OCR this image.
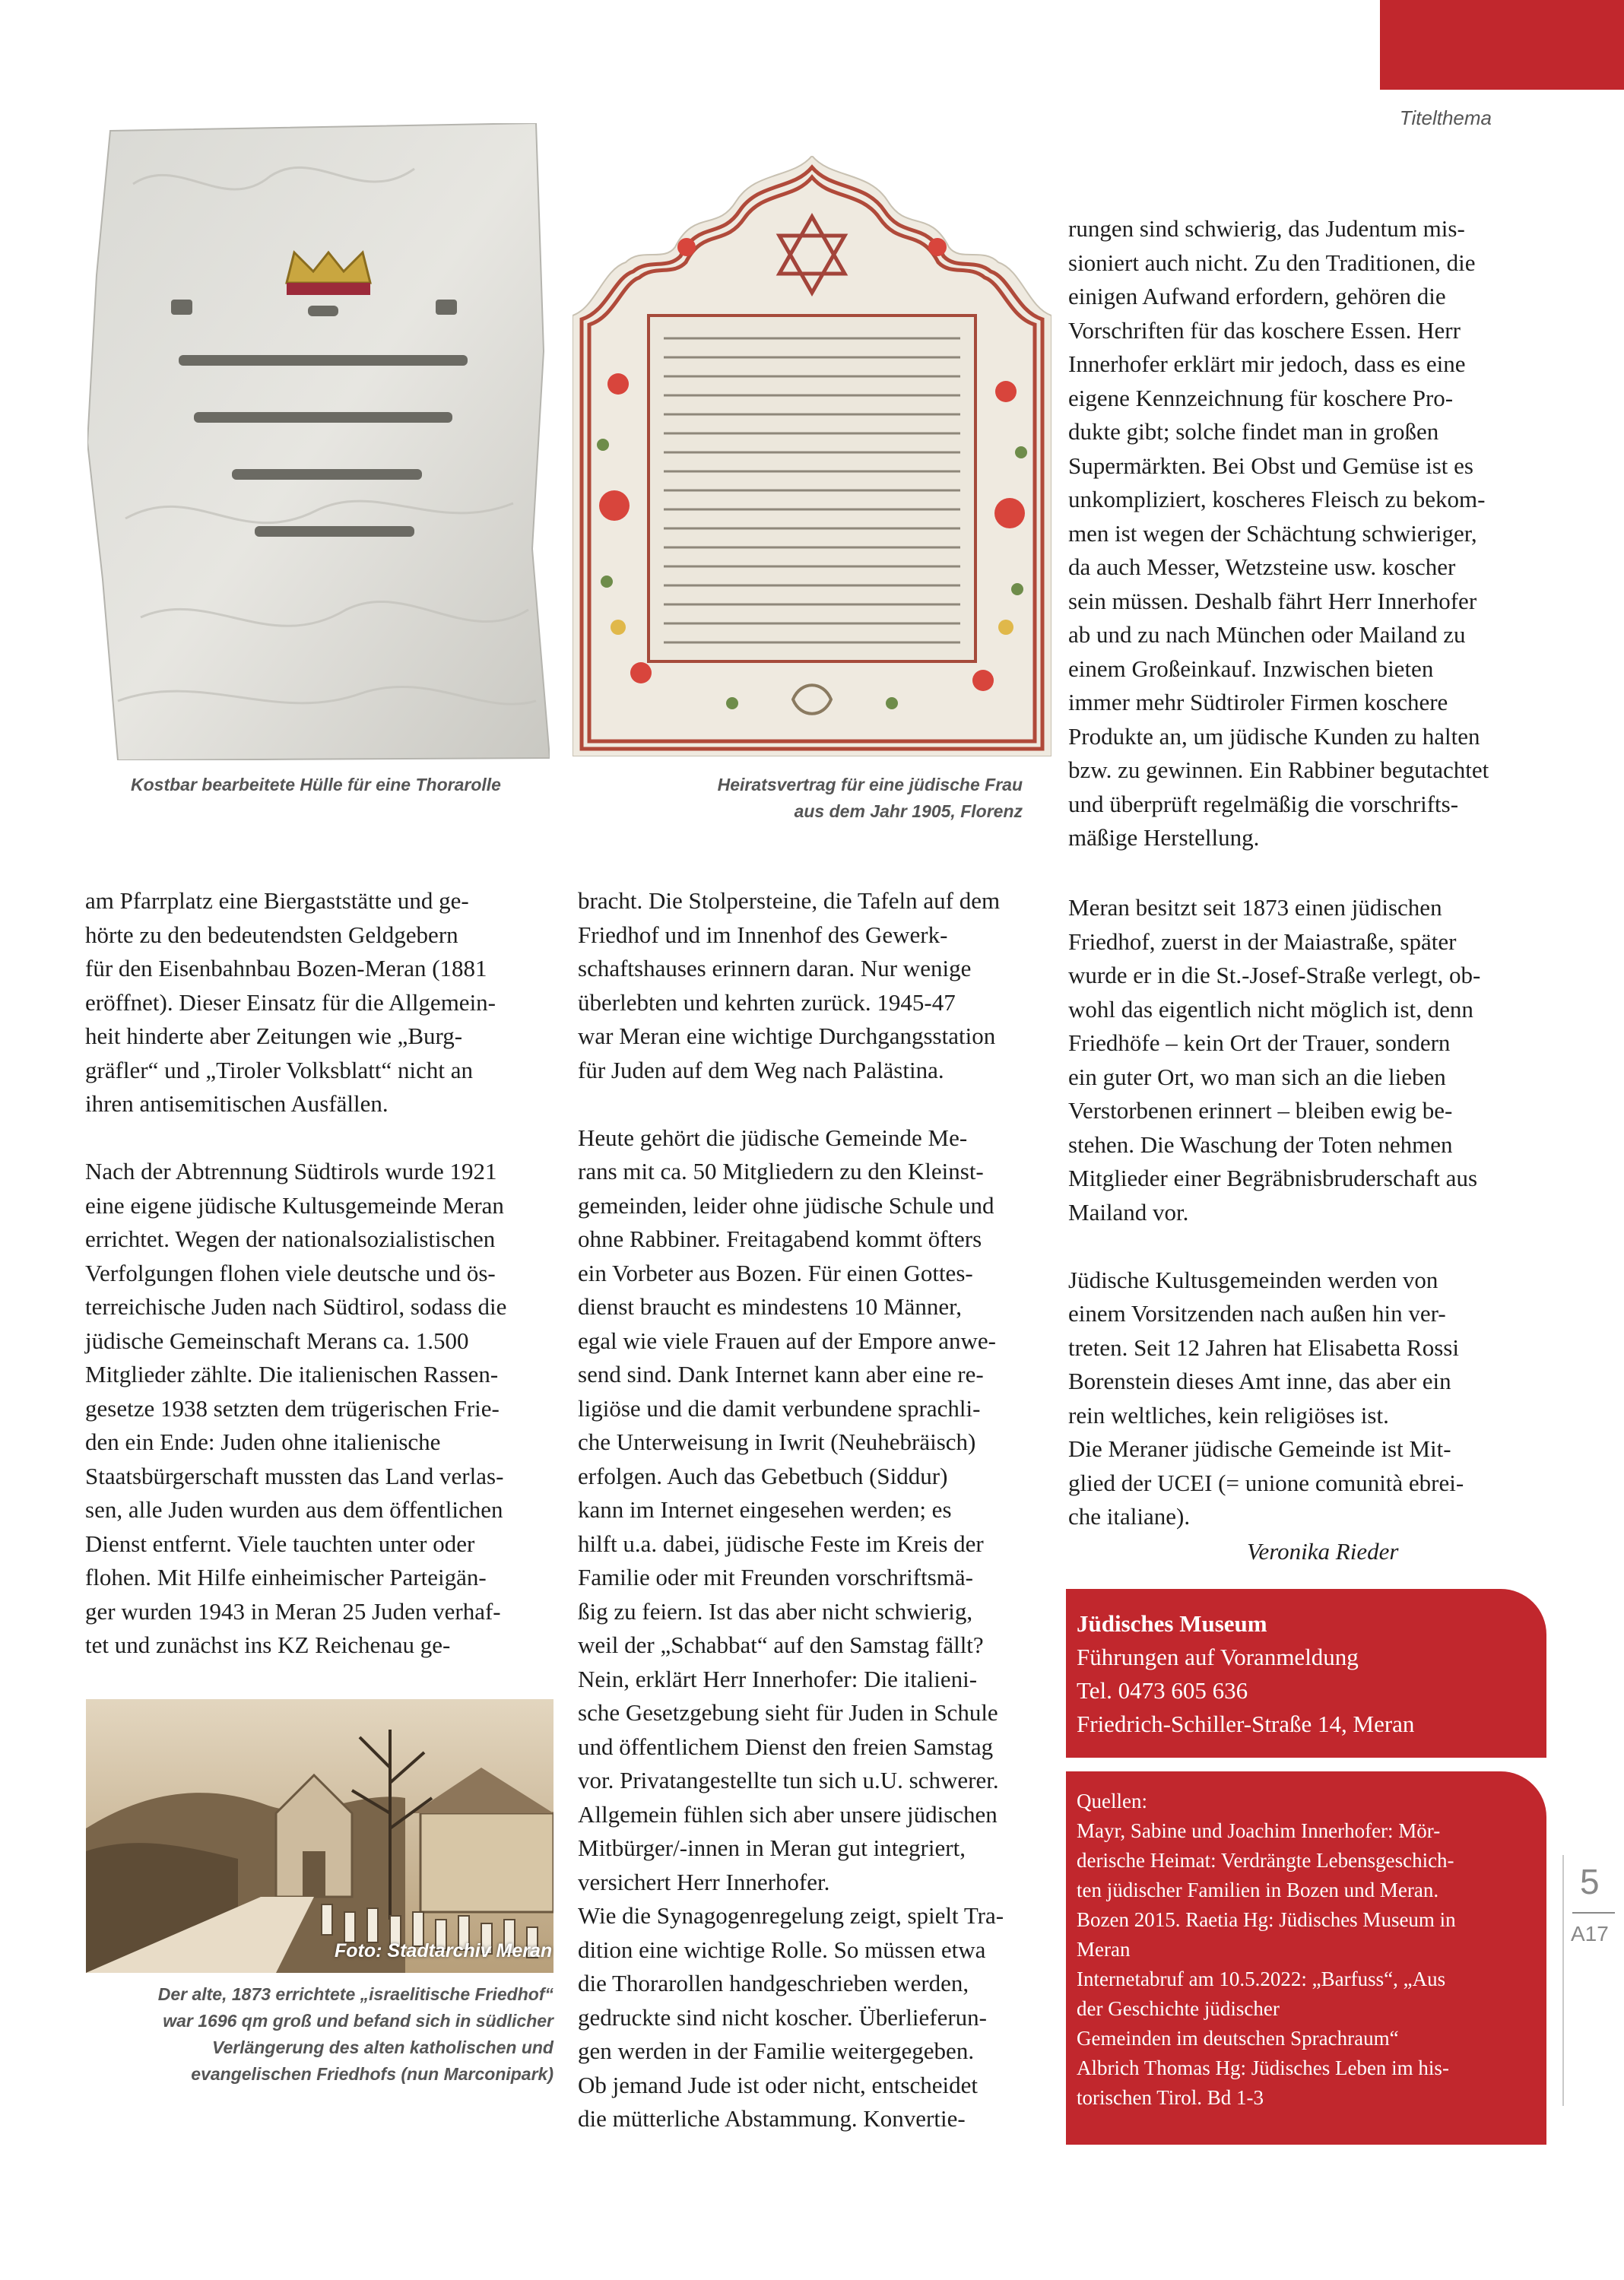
Titelthema

Kostbar bearbeitete Hülle für eine Thorarolle	Heiratsvertrag für eine jüdische Frau
aus dem Jahr 1905, Florenz

rungen sind schwierig, das Judentum mis-
sioniert auch nicht. Zu den Traditionen, die
einigen Aufwand erfordern, gehören die
Vorschriften für das koschere Essen. Herr
Innerhofer erklärt mir jedoch, dass es eine
eigene Kennzeichnung für koschere Pro-
dukte gibt; solche findet man in großen
Supermärkten. Bei Obst und Gemüse ist es
unkompliziert, koscheres Fleisch zu bekom-
men ist wegen der Schächtung schwieriger,
da auch Messer, Wetzsteine usw. koscher
sein müssen. Deshalb fährt Herr Innerhofer
ab und zu nach München oder Mailand zu
einem Großeinkauf. Inzwischen bieten
immer mehr Südtiroler Firmen koschere
Produkte an, um jüdische Kunden zu halten
bzw. zu gewinnen. Ein Rabbiner begutachtet
und überprüft regelmäßig die vorschrifts-
mäßige Herstellung.

am Pfarrplatz eine Biergaststätte und ge-
hörte zu den bedeutendsten Geldgebern
für den Eisenbahnbau Bozen-Meran (1881
eröffnet). Dieser Einsatz für die Allgemein-
heit hinderte aber Zeitungen wie „Burg-
gräfler“ und „Tiroler Volksblatt“ nicht an
ihren antisemitischen Ausfällen.

Nach der Abtrennung Südtirols wurde 1921
eine eigene jüdische Kultusgemeinde Meran
errichtet. Wegen der nationalsozialistischen
Verfolgungen flohen viele deutsche und ös-
terreichische Juden nach Südtirol, sodass die
jüdische Gemeinschaft Merans ca. 1.500
Mitglieder zählte. Die italienischen Rassen-
gesetze 1938 setzten dem trügerischen Frie-
den ein Ende: Juden ohne italienische
Staatsbürgerschaft mussten das Land verlas-
sen, alle Juden wurden aus dem öffentlichen
Dienst entfernt. Viele tauchten unter oder
flohen. Mit Hilfe einheimischer Parteigän-
ger wurden 1943 in Meran 25 Juden verhaf-
tet und zunächst ins KZ Reichenau ge-

bracht. Die Stolpersteine, die Tafeln auf dem
Friedhof und im Innenhof des Gewerk-
schaftshauses erinnern daran. Nur wenige
überlebten und kehrten zurück. 1945-47
war Meran eine wichtige Durchgangsstation
für Juden auf dem Weg nach Palästina.

Heute gehört die jüdische Gemeinde Me-
rans mit ca. 50 Mitgliedern zu den Kleinst-
gemeinden, leider ohne jüdische Schule und
ohne Rabbiner. Freitagabend kommt öfters
ein Vorbeter aus Bozen. Für einen Gottes-
dienst braucht es mindestens 10 Männer,
egal wie viele Frauen auf der Empore anwe-
send sind. Dank Internet kann aber eine re-
ligiöse und die damit verbundene sprachli-
che Unterweisung in Iwrit (Neuhebräisch)
erfolgen. Auch das Gebetbuch (Siddur)
kann im Internet eingesehen werden; es
hilft u.a. dabei, jüdische Feste im Kreis der
Familie oder mit Freunden vorschriftsmä-
ßig zu feiern. Ist das aber nicht schwierig,
weil der „Schabbat“ auf den Samstag fällt?
Nein, erklärt Herr Innerhofer: Die italieni-
sche Gesetzgebung sieht für Juden in Schule
und öffentlichem Dienst den freien Samstag
vor. Privatangestellte tun sich u.U. schwerer.
Allgemein fühlen sich aber unsere jüdischen
Mitbürger/-innen in Meran gut integriert,
versichert Herr Innerhofer.
Wie die Synagogenregelung zeigt, spielt Tra-
dition eine wichtige Rolle. So müssen etwa
die Thorarollen handgeschrieben werden,
gedruckte sind nicht koscher. Überlieferun-
gen werden in der Familie weitergegeben.
Ob jemand Jude ist oder nicht, entscheidet
die mütterliche Abstammung. Konvertie-

Meran besitzt seit 1873 einen jüdischen
Friedhof, zuerst in der Maiastraße, später
wurde er in die St.-Josef-Straße verlegt, ob-
wohl das eigentlich nicht möglich ist, denn
Friedhöfe – kein Ort der Trauer, sondern
ein guter Ort, wo man sich an die lieben
Verstorbenen erinnert – bleiben ewig be-
stehen. Die Waschung der Toten nehmen
Mitglieder einer Begräbnisbruderschaft aus
Mailand vor.

Jüdische Kultusgemeinden werden von
einem Vorsitzenden nach außen hin ver-
treten. Seit 12 Jahren hat Elisabetta Rossi
Borenstein dieses Amt inne, das aber ein
rein weltliches, kein religiöses ist.
Die Meraner jüdische Gemeinde ist Mit-
glied der UCEI (= unione comunità ebrei-
che italiane).

Veronika Rieder
Foto: Stadtarchiv Meran

Der alte, 1873 errichtete „israelitische Friedhof“
war 1696 qm groß und befand sich in südlicher
Verlängerung des alten katholischen und
evangelischen Friedhofs (nun Marconipark)

Jüdisches Museum
Führungen auf Voranmeldung
Tel. 0473 605 636
Friedrich-Schiller-Straße 14, Meran

Quellen:
Mayr, Sabine und Joachim Innerhofer: Mör-
derische Heimat: Verdrängte Lebensgeschich-
ten jüdischer Familien in Bozen und Meran.
Bozen 2015. Raetia Hg: Jüdisches Museum in
Meran
Internetabruf am 10.5.2022: „Barfuss“, „Aus
der Geschichte jüdischer
Gemeinden im deutschen Sprachraum“
Albrich Thomas Hg: Jüdisches Leben im his-
torischen Tirol. Bd 1-3

5
A17
